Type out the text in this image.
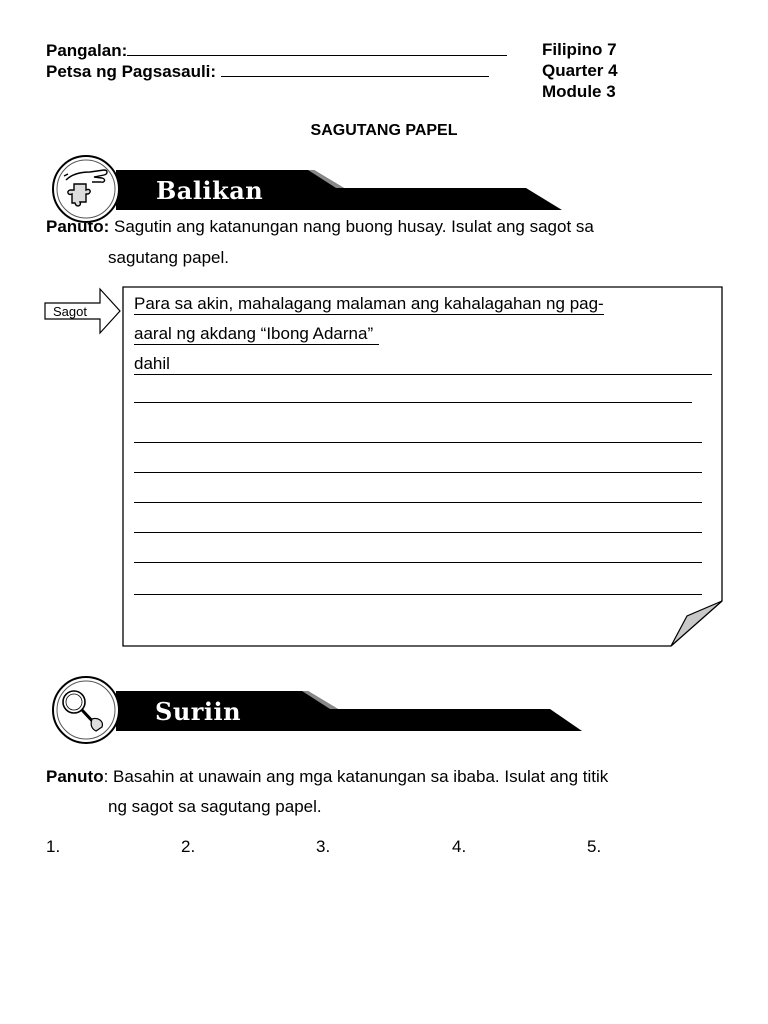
Pangalan:
Petsa ng Pagsasauli:
Filipino 7
Quarter 4
Module 3
SAGUTANG PAPEL
Balikan
Panuto: Sagutin ang katanungan nang buong husay. Isulat ang sagot sa
sagutang papel.
Sagot	Para sa akin, mahalagang malaman ang kahalagahan ng pag-
aaral ng akdang “Ibong Adarna”
dahil
Suriin
Panuto: Basahin at unawain ang mga katanungan sa ibaba. Isulat ang titik
ng sagot sa sagutang papel.
1.	2.	3.	4.	5.
